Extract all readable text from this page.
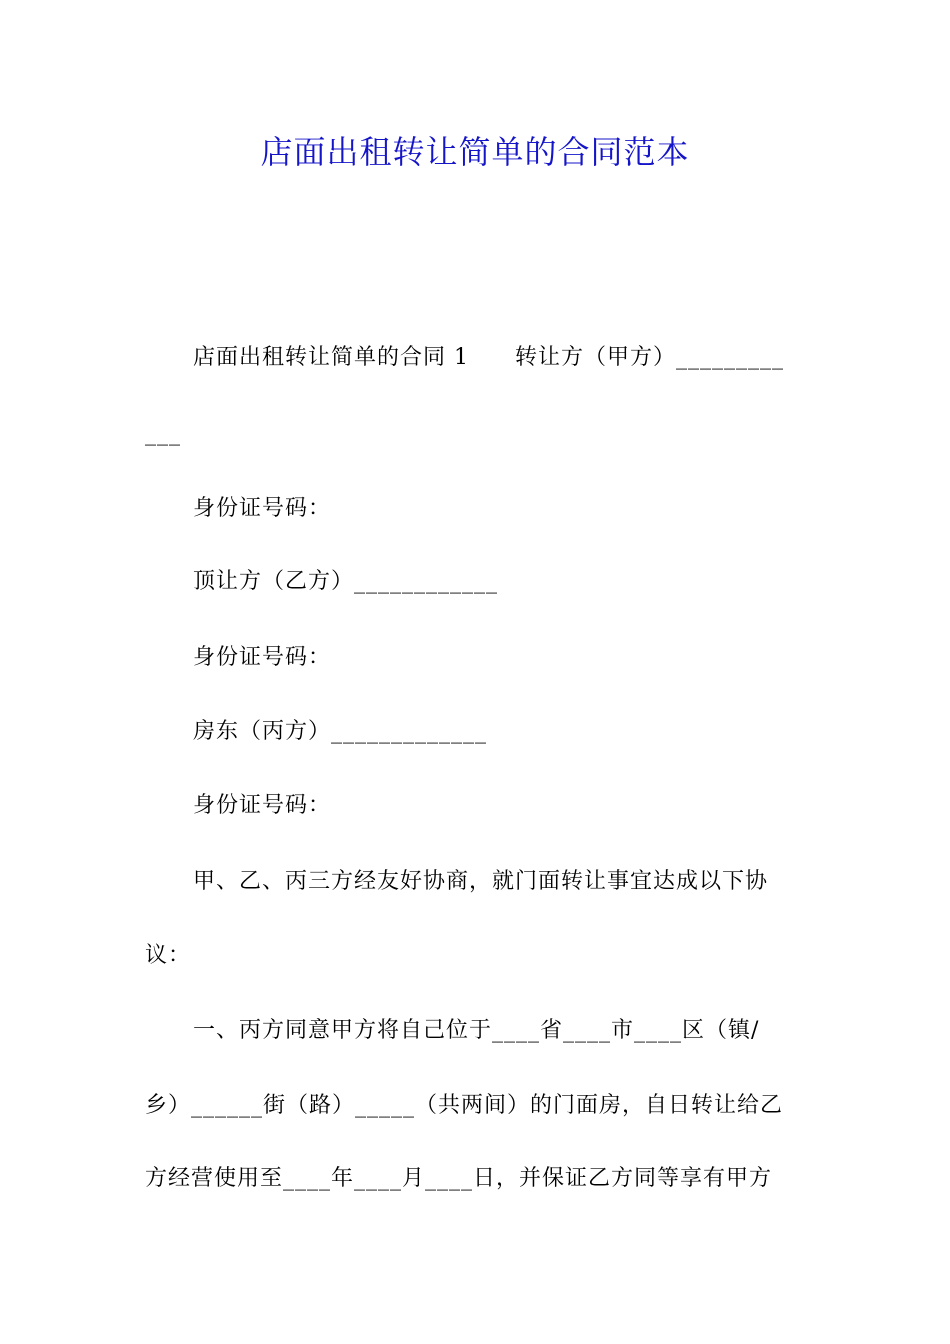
店面出租转让简单的合同范本
店面出租转让简单的合同 1　　转让方（甲方）_________
___
身份证号码：
顶让方（乙方）____________
身份证号码：
房东（丙方）_____________
身份证号码：
甲、乙、丙三方经友好协商，就门面转让事宜达成以下协
议：
一、丙方同意甲方将自己位于____省____市____区（镇/
乡）______街（路）_____（共两间）的门面房，自日转让给乙
方经营使用至____年____月____日，并保证乙方同等享有甲方
